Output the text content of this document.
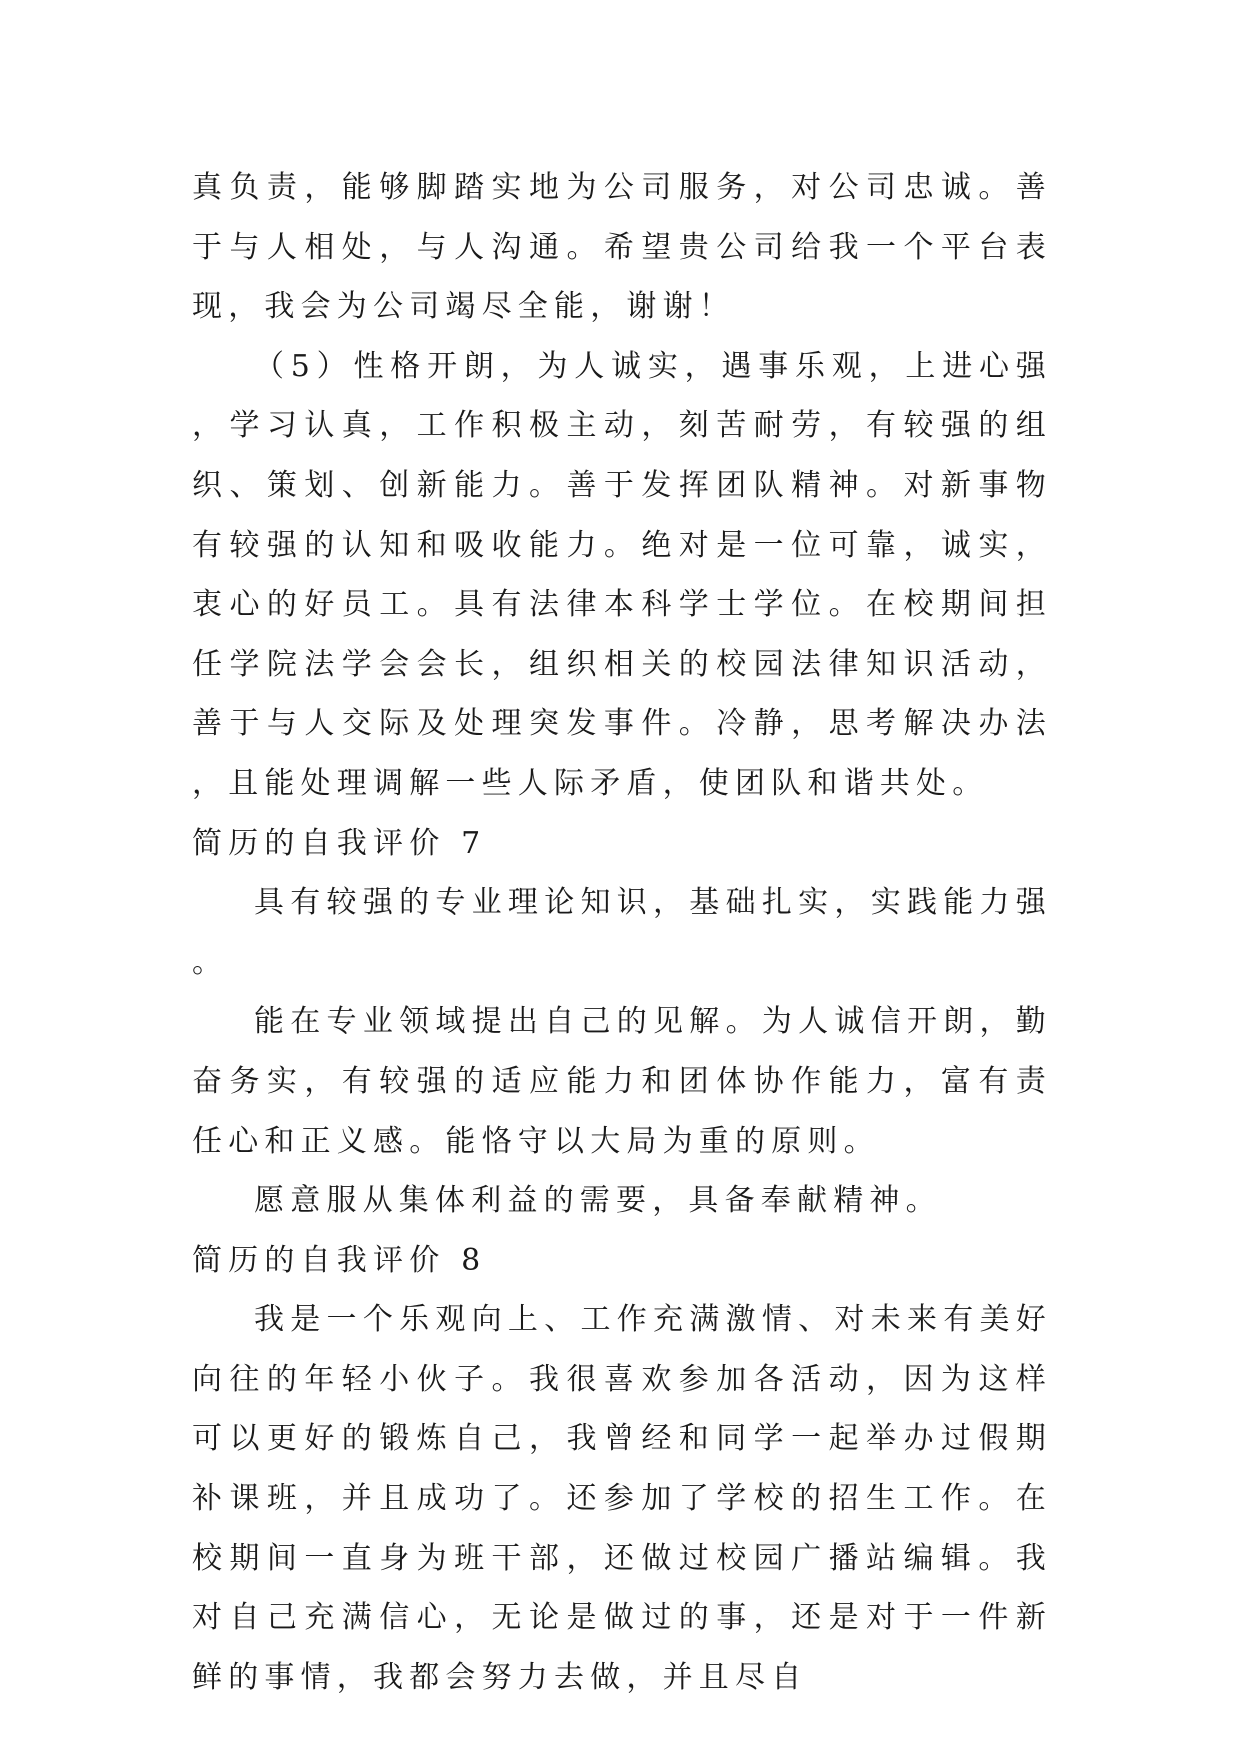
真负责，能够脚踏实地为公司服务，对公司忠诚。善于与人相处，与人沟通。希望贵公司给我一个平台表现，我会为公司竭尽全能，谢谢！

（5）性格开朗，为人诚实，遇事乐观，上进心强，学习认真，工作积极主动，刻苦耐劳，有较强的组织、策划、创新能力。善于发挥团队精神。对新事物有较强的认知和吸收能力。绝对是一位可靠，诚实，衷心的好员工。具有法律本科学士学位。在校期间担任学院法学会会长，组织相关的校园法律知识活动，善于与人交际及处理突发事件。冷静，思考解决办法，且能处理调解一些人际矛盾，使团队和谐共处。

简历的自我评价 7

具有较强的专业理论知识，基础扎实，实践能力强。

能在专业领域提出自己的见解。为人诚信开朗，勤奋务实，有较强的适应能力和团体协作能力，富有责任心和正义感。能恪守以大局为重的原则。

愿意服从集体利益的需要，具备奉献精神。

简历的自我评价 8

我是一个乐观向上、工作充满激情、对未来有美好向往的年轻小伙子。我很喜欢参加各活动，因为这样可以更好的锻炼自己，我曾经和同学一起举办过假期补课班，并且成功了。还参加了学校的招生工作。在校期间一直身为班干部，还做过校园广播站编辑。我对自己充满信心，无论是做过的事，还是对于一件新鲜的事情，我都会努力去做，并且尽自
